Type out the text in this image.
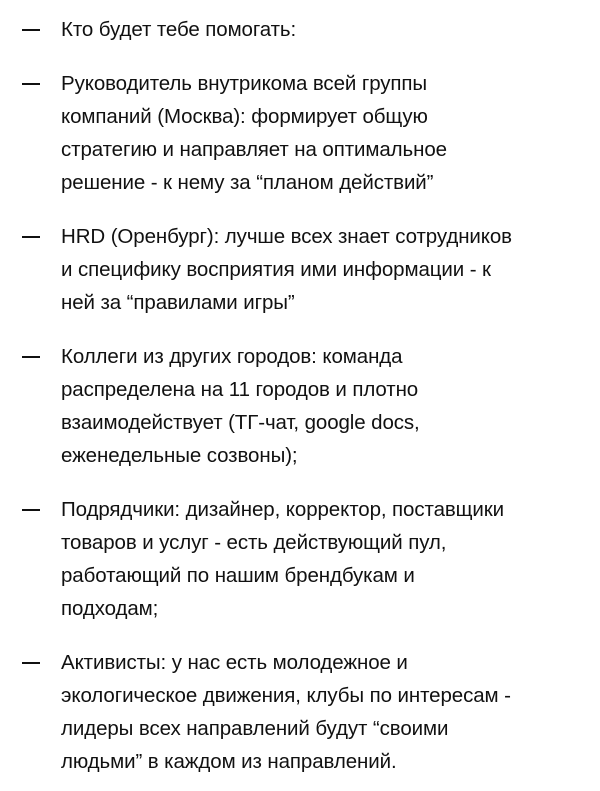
Кто будет тебе помогать:
Руководитель внутрикома всей группы
компаний (Москва): формирует общую
стратегию и направляет на оптимальное
решение - к нему за “планом действий”
HRD (Оренбург): лучше всех знает сотрудников
и специфику восприятия ими информации - к
ней за “правилами игры”
Коллеги из других городов: команда
распределена на 11 городов и плотно
взаимодействует (ТГ-чат, google docs,
еженедельные созвоны);
Подрядчики: дизайнер, корректор, поставщики
товаров и услуг - есть действующий пул,
работающий по нашим брендбукам и
подходам;
Активисты: у нас есть молодежное и
экологическое движения, клубы по интересам -
лидеры всех направлений будут “своими
людьми” в каждом из направлений.
